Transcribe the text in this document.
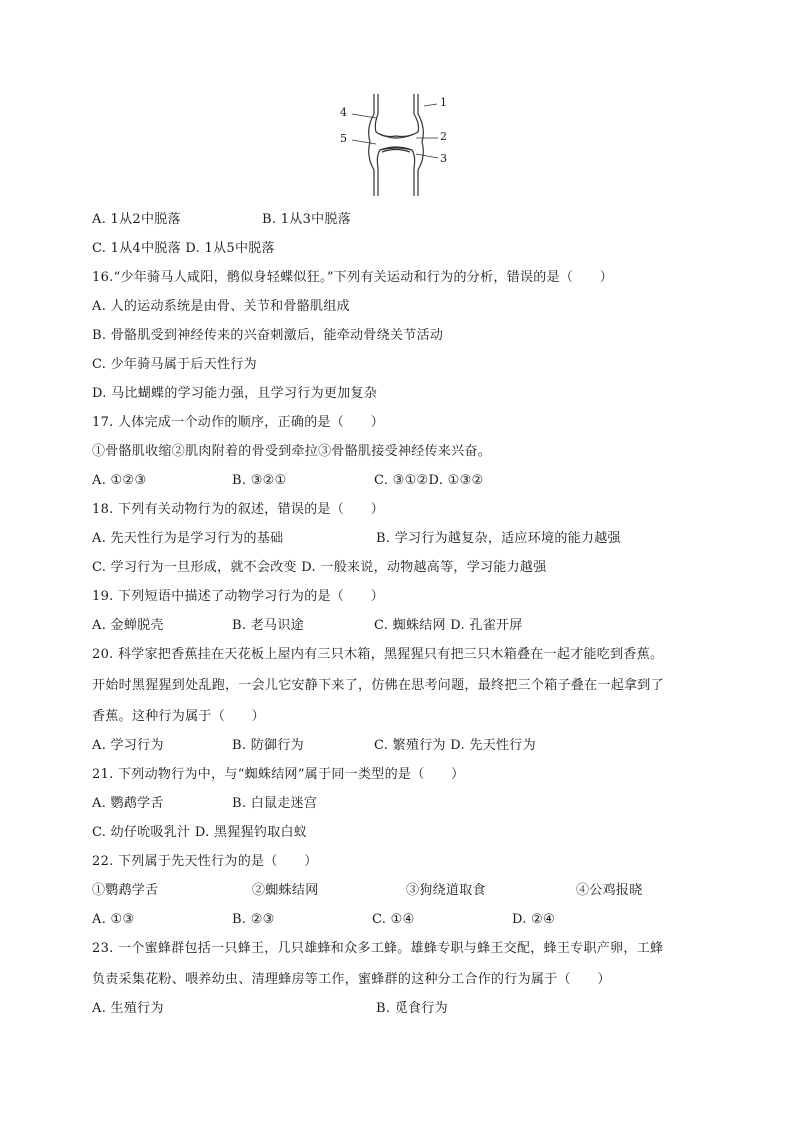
1
2
3
4
5
A. 1从2中脱落	B. 1从3中脱落
C. 1从4中脱落 D. 1从5中脱落
16.“少年骑马人咸阳，鹘似身轻蝶似狂。”下列有关运动和行为的分析，错误的是（　　）
A. 人的运动系统是由骨、关节和骨骼肌组成
B. 骨骼肌受到神经传来的兴奋刺激后，能牵动骨绕关节活动
C. 少年骑马属于后天性行为
D. 马比蝴蝶的学习能力强，且学习行为更加复杂
17. 人体完成一个动作的顺序，正确的是（　　）
①骨骼肌收缩②肌肉附着的骨受到牵拉③骨骼肌接受神经传来兴奋。
A. ①②③	B. ③②①	C. ③①②D. ①③②
18. 下列有关动物行为的叙述，错误的是（　　）
A. 先天性行为是学习行为的基础	B. 学习行为越复杂，适应环境的能力越强
C. 学习行为一旦形成，就不会改变 D. 一般来说，动物越高等，学习能力越强
19. 下列短语中描述了动物学习行为的是（　　）
A. 金蝉脱壳	B. 老马识途	C. 蜘蛛结网 D. 孔雀开屏
20. 科学家把香蕉挂在天花板上屋内有三只木箱，黑猩猩只有把三只木箱叠在一起才能吃到香蕉。
开始时黑猩猩到处乱跑，一会儿它安静下来了，仿佛在思考问题，最终把三个箱子叠在一起拿到了
香蕉。这种行为属于（　　）
A. 学习行为	B. 防御行为	C. 繁殖行为 D. 先天性行为
21. 下列动物行为中，与“蜘蛛结网”属于同一类型的是（　　）
A. 鹦鹉学舌	B. 白鼠走迷宫
C. 幼仔吮吸乳汁 D. 黑猩猩钓取白蚁
22. 下列属于先天性行为的是（　　）
①鹦鹉学舌	②蜘蛛结网	③狗绕道取食	④公鸡报晓
A. ①③	B. ②③	C. ①④	D. ②④
23. 一个蜜蜂群包括一只蜂王，几只雄蜂和众多工蜂。雄蜂专职与蜂王交配，蜂王专职产卵，工蜂
负责采集花粉、喂养幼虫、清理蜂房等工作，蜜蜂群的这种分工合作的行为属于（　　）
A. 生殖行为	B. 觅食行为
